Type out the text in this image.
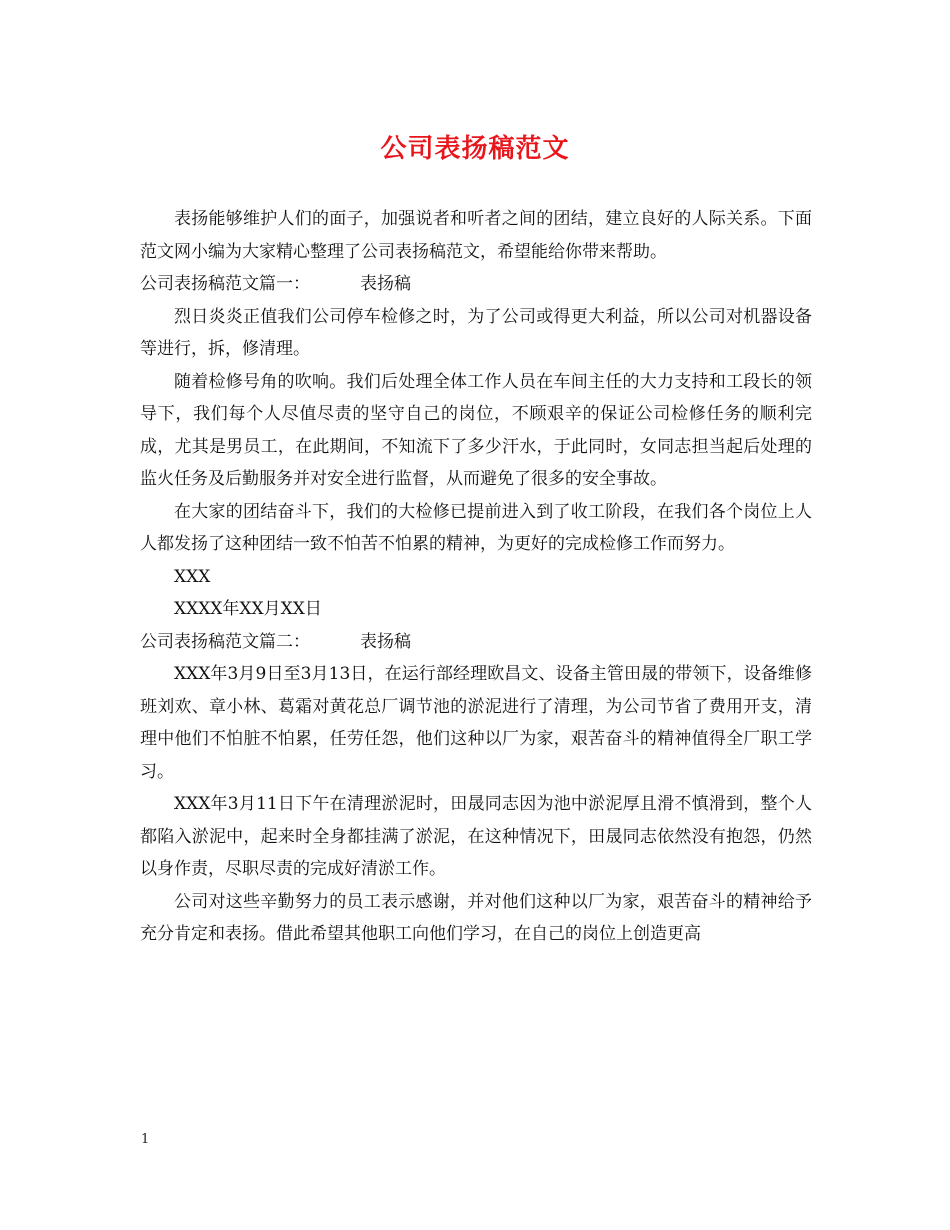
公司表扬稿范文

表扬能够维护人们的面子，加强说者和听者之间的团结，建立良好的人际关系。下面范文网小编为大家精心整理了公司表扬稿范文，希望能给你带来帮助。

公司表扬稿范文篇一：	表扬稿

烈日炎炎正值我们公司停车检修之时，为了公司或得更大利益，所以公司对机器设备等进行，拆，修清理。

随着检修号角的吹响。我们后处理全体工作人员在车间主任的大力支持和工段长的领导下，我们每个人尽值尽责的坚守自己的岗位，不顾艰辛的保证公司检修任务的顺利完成，尤其是男员工，在此期间，不知流下了多少汗水，于此同时，女同志担当起后处理的监火任务及后勤服务并对安全进行监督，从而避免了很多的安全事故。

在大家的团结奋斗下，我们的大检修已提前进入到了收工阶段，在我们各个岗位上人人都发扬了这种团结一致不怕苦不怕累的精神，为更好的完成检修工作而努力。

XXX

XXXX年XX月XX日

公司表扬稿范文篇二：	表扬稿

XXX年3月9日至3月13日，在运行部经理欧昌文、设备主管田晟的带领下，设备维修班刘欢、章小林、葛霜对黄花总厂调节池的淤泥进行了清理，为公司节省了费用开支，清理中他们不怕脏不怕累，任劳任怨，他们这种以厂为家，艰苦奋斗的精神值得全厂职工学习。

XXX年3月11日下午在清理淤泥时，田晟同志因为池中淤泥厚且滑不慎滑到，整个人都陷入淤泥中，起来时全身都挂满了淤泥，在这种情况下，田晟同志依然没有抱怨，仍然以身作责，尽职尽责的完成好清淤工作。

公司对这些辛勤努力的员工表示感谢，并对他们这种以厂为家，艰苦奋斗的精神给予充分肯定和表扬。借此希望其他职工向他们学习，在自己的岗位上创造更高

1
